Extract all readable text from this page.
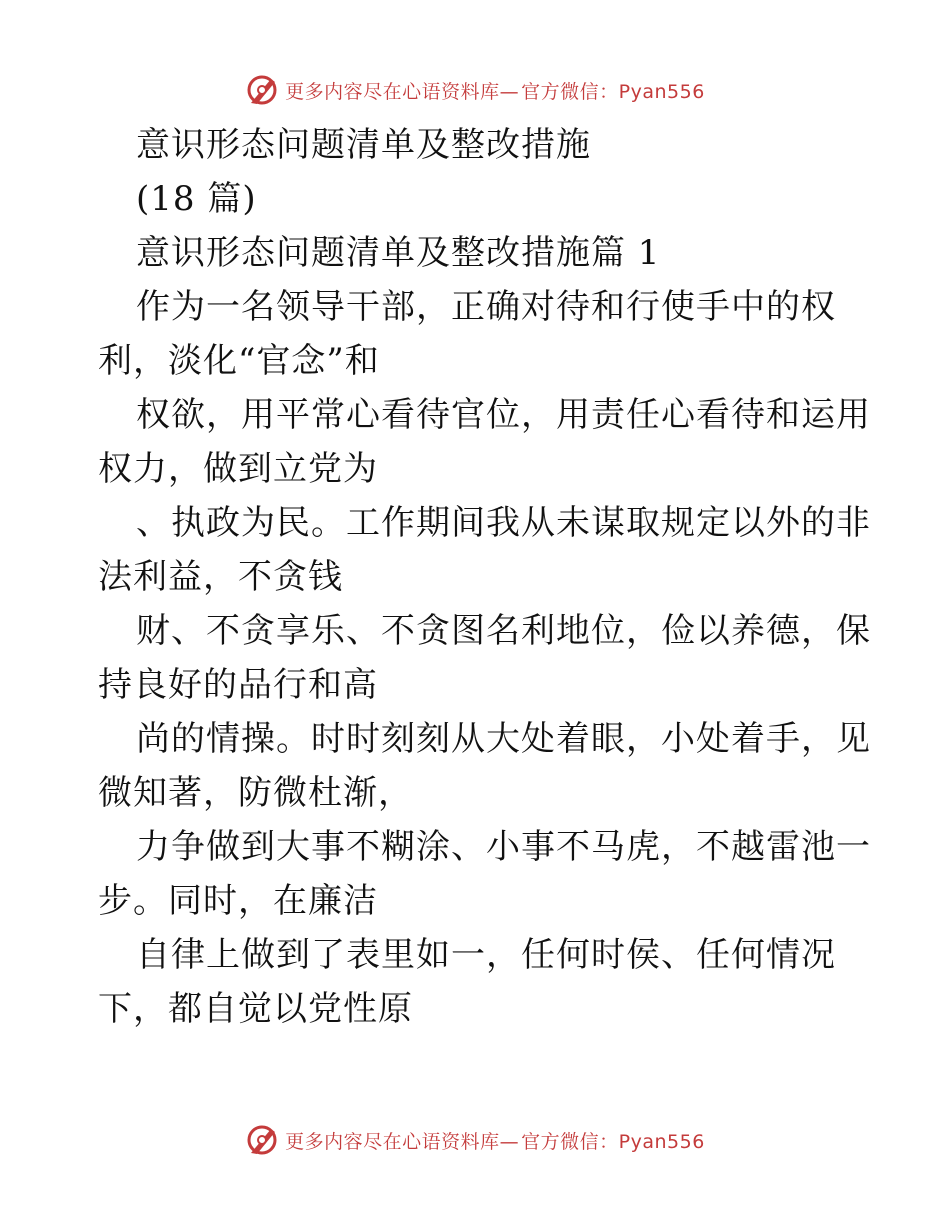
更多内容尽在心语资料库— 官方微信：Pyan556
意识形态问题清单及整改措施
(18 篇)
意识形态问题清单及整改措施篇 1
作为一名领导干部，正确对待和行使手中的权
利，淡化“官念”和
权欲，用平常心看待官位，用责任心看待和运用
权力，做到立党为
、执政为民。工作期间我从未谋取规定以外的非
法利益，不贪钱
财、不贪享乐、不贪图名利地位，俭以养德，保
持良好的品行和高
尚的情操。时时刻刻从大处着眼，小处着手，见
微知著，防微杜渐，
力争做到大事不糊涂、小事不马虎，不越雷池一
步。同时，在廉洁
自律上做到了表里如一，任何时侯、任何情况
下，都自觉以党性原
更多内容尽在心语资料库— 官方微信：Pyan556
